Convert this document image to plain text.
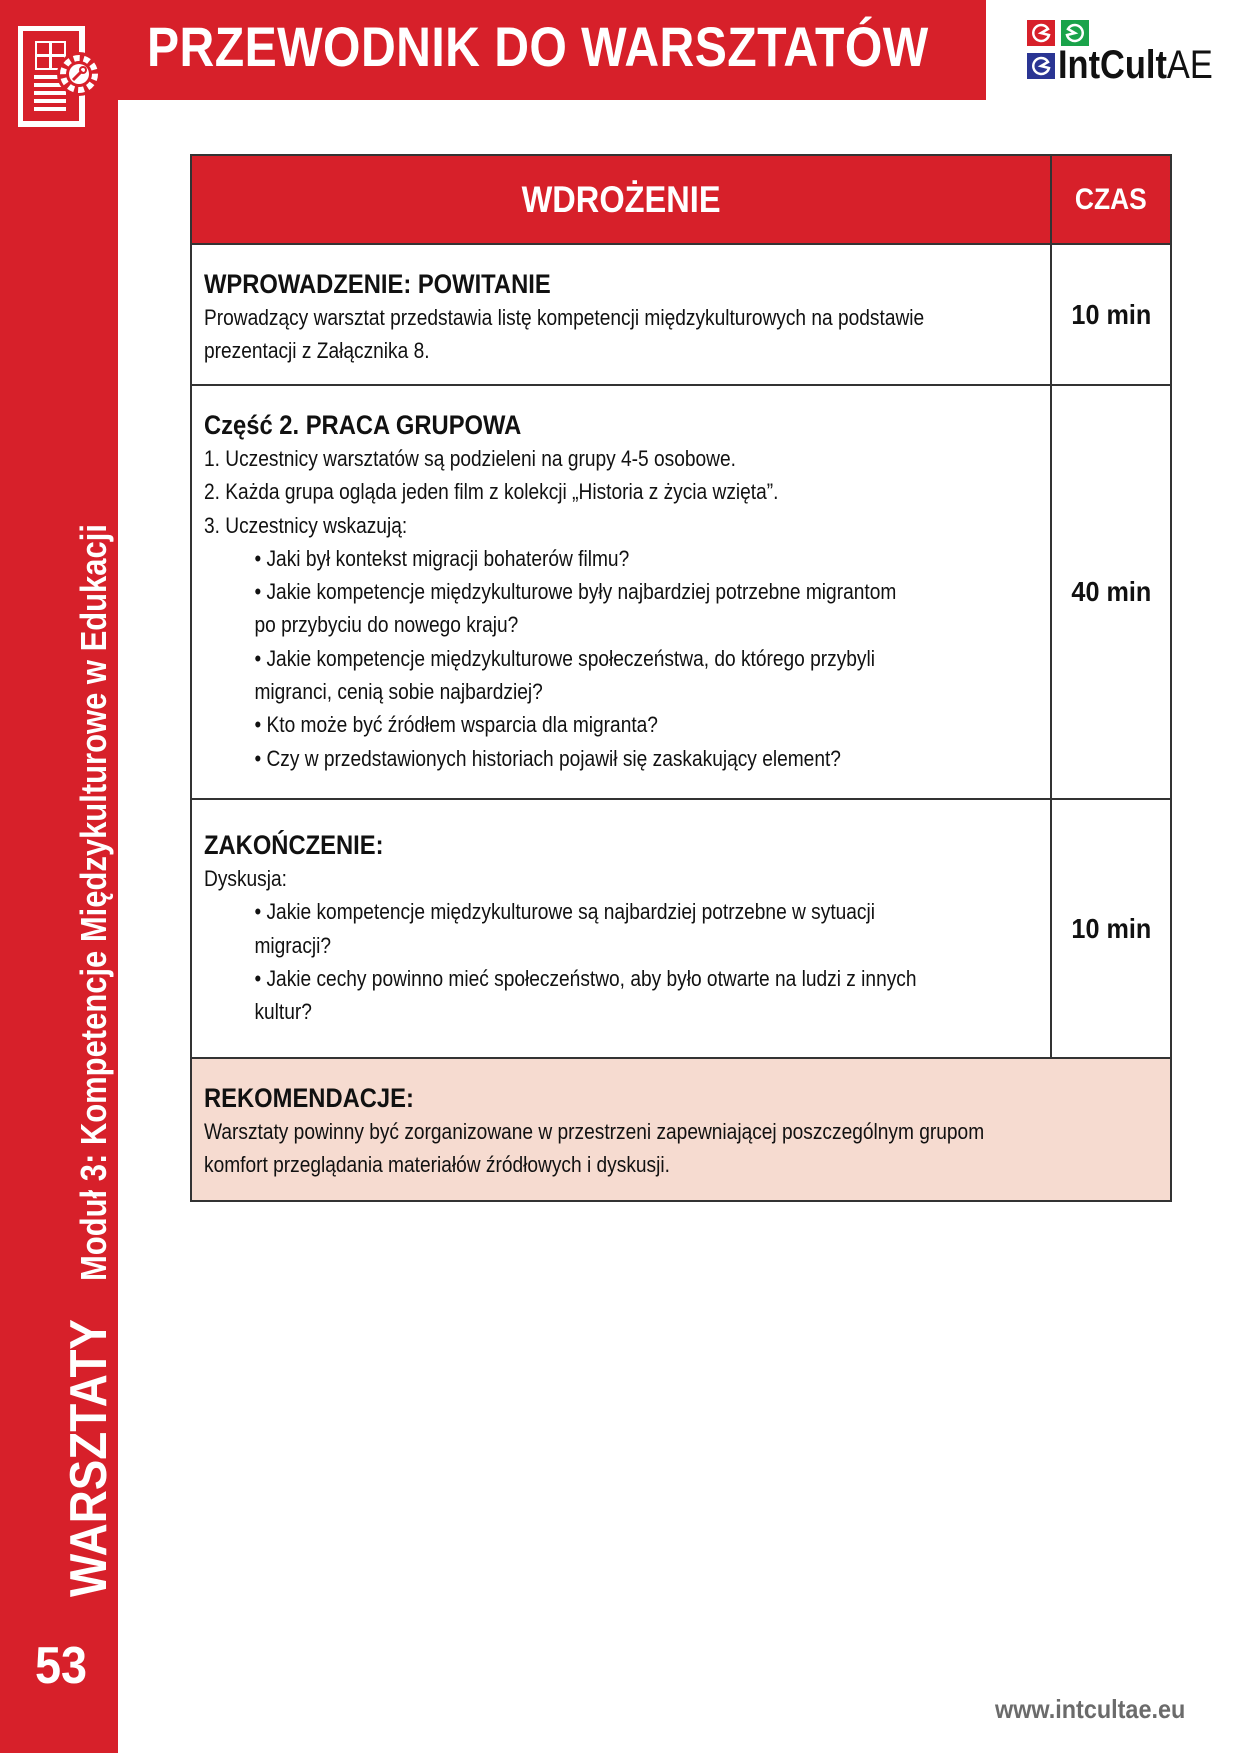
PRZEWODNIK DO WARSZTATÓW	IntCultAE
WARSZTATY
Moduł 3: Kompetencje Międzykulturowe w Edukacji
53
WDROŻENIE	CZAS
WPROWADZENIE: POWITANIE
Prowadzący warsztat przedstawia listę kompetencji międzykulturowych na podstawie
prezentacji z Załącznika 8.
10 min
Część 2. PRACA GRUPOWA
1. Uczestnicy warsztatów są podzieleni na grupy 4-5 osobowe.
2. Każda grupa ogląda jeden film z kolekcji „Historia z życia wzięta”.
3. Uczestnicy wskazują:
• Jaki był kontekst migracji bohaterów filmu?
• Jakie kompetencje międzykulturowe były najbardziej potrzebne migrantom
po przybyciu do nowego kraju?
• Jakie kompetencje międzykulturowe społeczeństwa, do którego przybyli
migranci, cenią sobie najbardziej?
• Kto może być źródłem wsparcia dla migranta?
• Czy w przedstawionych historiach pojawił się zaskakujący element?
40 min
ZAKOŃCZENIE:
Dyskusja:
• Jakie kompetencje międzykulturowe są najbardziej potrzebne w sytuacji
migracji?
• Jakie cechy powinno mieć społeczeństwo, aby było otwarte na ludzi z innych
kultur?
10 min
REKOMENDACJE:
Warsztaty powinny być zorganizowane w przestrzeni zapewniającej poszczególnym grupom
komfort przeglądania materiałów źródłowych i dyskusji.
www.intcultae.eu
